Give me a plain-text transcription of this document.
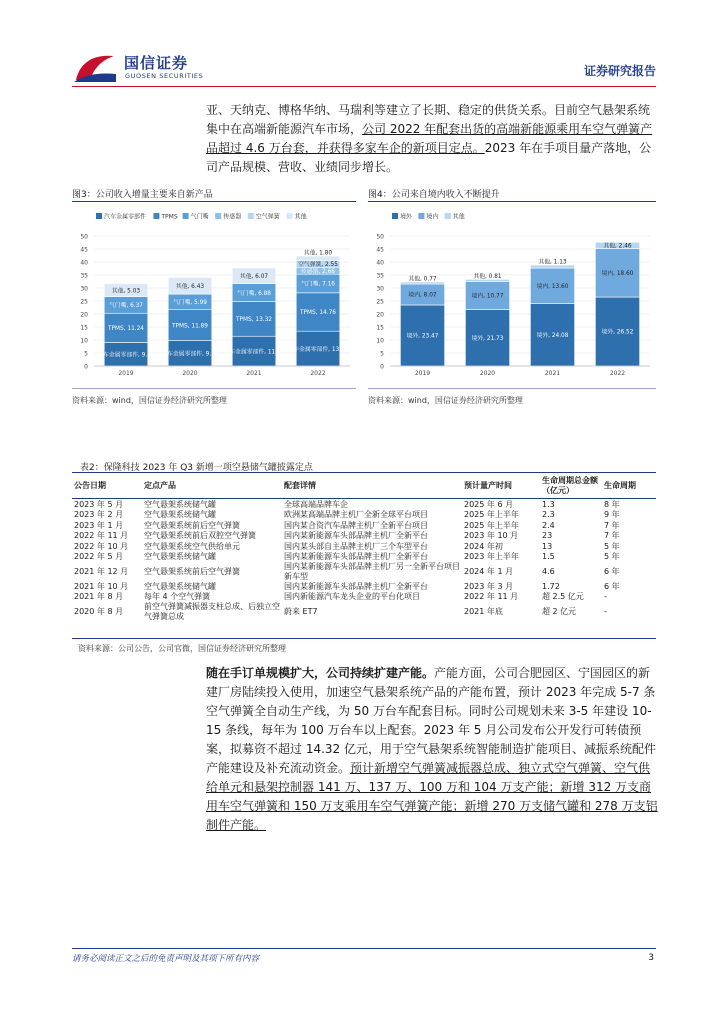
国信证券
GUOSEN SECURITIES	证券研究报告
亚、天纳克、博格华纳、马瑞利等建立了长期、稳定的供货关系。目前空气悬架系统集中在高端新能源汽车市场，公司 2022 年配套出货的高端新能源乘用车空气弹簧产品超过 4.6 万台套，并获得多家车企的新项目定点。2023 年在手项目量产落地，公司产品规模、营收、业绩同步增长。
图3：公司收入增量主要来自新产品	图4：公司来自境内收入不断提升
0
5
10
15
20
25
30
35
40
45
50
汽车金属零部件	TPMS 气门嘴 传感器 空气弹簧 其他
汽车金属零部件, 9.05
TPMS, 11.24
气门嘴, 6.37
其他, 5.03
2019
汽车金属零部件, 9.76
TPMS, 11.89
气门嘴, 5.99
其他, 6.43
2020
汽车金属零部件, 11.45
TPMS, 13.32
气门嘴, 6.88
其他, 6.07
2021
汽车金属零部件, 13.39
TPMS, 14.76
气门嘴, 7.16
传感器, 2.66
空气弹簧, 2.55
其他, 1.80
2022
0
5
10
15
20
25
30
35
40
45
50
境外 境内 其他
境外, 23.47
境内, 8.07
其他, 0.77
2019
境外, 21.73
境内, 10.77
其他, 0.81
2020
境外, 24.08
境内, 13.60
其他, 1.13
2021
境外, 26.52
境内, 18.60
其他, 2.46
2022
资料来源：wind，国信证券经济研究所整理	资料来源：wind，国信证券经济研究所整理
表2：保隆科技 2023 年 Q3 新增一项空悬储气罐披露定点
公告日期	定点产品	配套详情	预计量产时间	生命周期总金额（亿元）	生命周期
2023 年 5 月	空气悬架系统储气罐	全球高端品牌车企	2025 年 6 月	1.3	8 年
2023 年 2 月	空气悬架系统储气罐	欧洲某高端品牌主机厂全新全球平台项目	2025 年上半年	2.3	9 年
2023 年 1 月	空气悬架系统前后空气弹簧	国内某合资汽车品牌主机厂全新平台项目	2025 年上半年	2.4	7 年
2022 年 11 月	空气悬架系统前后双腔空气弹簧	国内某新能源车头部品牌主机厂全新平台	2023 年 10 月	23	7 年
2022 年 10 月	空气悬架系统空气供给单元	国内某头部自主品牌主机厂三个车型平台	2024 年初	13	5 年
2022 年 5 月	空气悬架系统储气罐	国内某新能源车头部品牌主机厂全新平台	2023 年上半年	1.5	5 年
2021 年 12 月	空气悬架系统前后空气弹簧	国内某新能源车头部品牌主机厂另一全新平台项目新车型	2024 年 1 月	4.6	6 年
2021 年 10 月	空气悬架系统储气罐	国内某新能源车头部品牌主机厂全新平台	2023 年 3 月	1.72	6 年
2021 年 8 月	每年 4 个空气弹簧	国内新能源汽车龙头企业的平台化项目	2022 年 11 月	超 2.5 亿元	-
2020 年 8 月	前空气弹簧减振器支柱总成、后独立空气弹簧总成	蔚来 ET7	2021 年底	超 2 亿元	-
资料来源：公司公告，公司官微，国信证券经济研究所整理
随在手订单规模扩大，公司持续扩建产能。产能方面，公司合肥园区、宁国园区的新建厂房陆续投入使用，加速空气悬架系统产品的产能布置，预计 2023 年完成 5-7 条空气弹簧全自动生产线，为 50 万台车配套目标。同时公司规划未来 3-5 年建设 10-15 条线，每年为 100 万台车以上配套。2023 年 5 月公司发布公开发行可转债预案，拟募资不超过 14.32 亿元，用于空气悬架系统智能制造扩能项目、减振系统配件产能建设及补充流动资金。预计新增空气弹簧减振器总成、独立式空气弹簧、空气供给单元和悬架控制器 141 万、137 万、100 万和 104 万支产能；新增 312 万支商用车空气弹簧和 150 万支乘用车空气弹簧产能；新增 270 万支储气罐和 278 万支铝制件产能。
请务必阅读正文之后的免责声明及其项下所有内容	3
